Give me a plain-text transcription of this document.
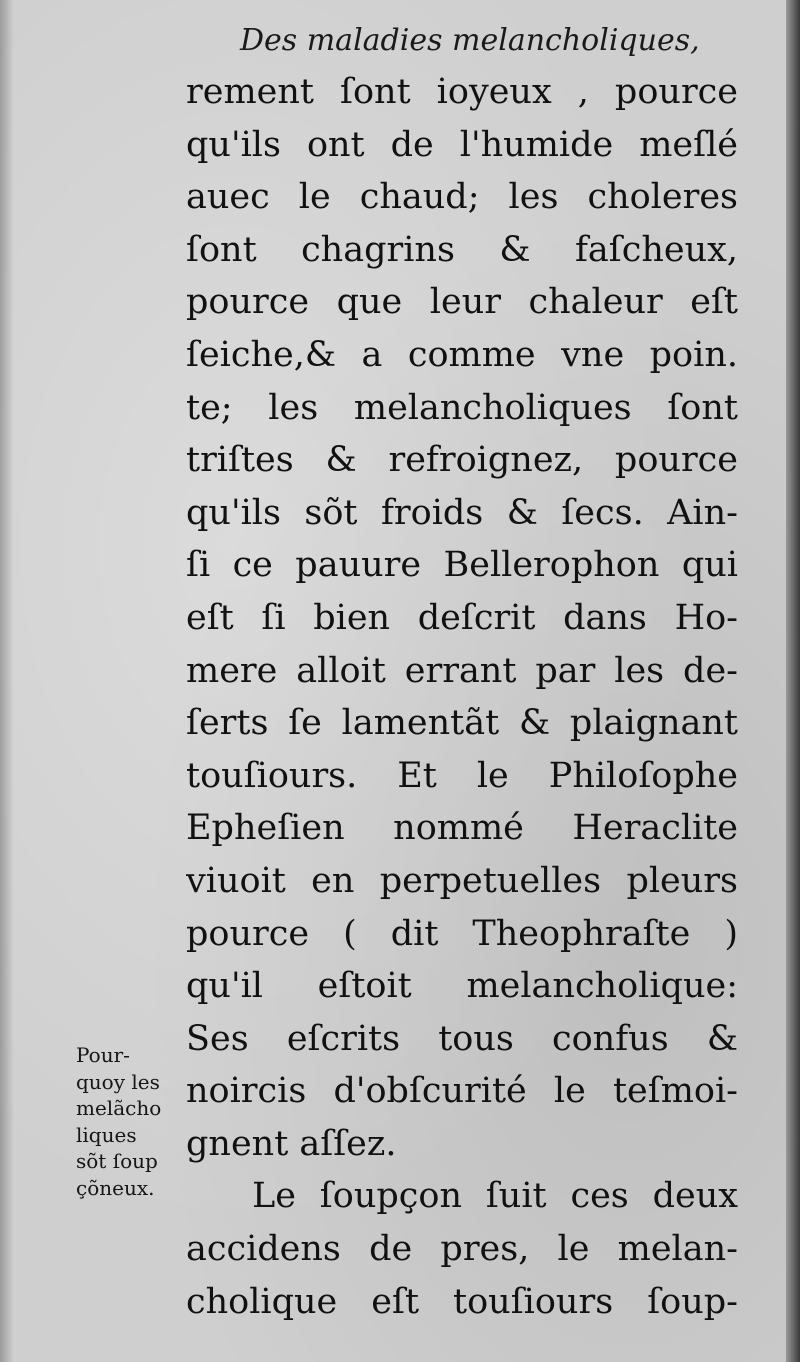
Des maladies melancholiques,
rement ſont ioyeux , pource
qu'ils ont de l'humide meſlé
auec le chaud; les choleres
ſont chagrins & faſcheux,
pource que leur chaleur eſt
ſeiche,& a comme vne poin.
te; les melancholiques ſont
triſtes & refroignez, pource
qu'ils sõt froids & ſecs. Ain-
ſi ce pauure Bellerophon qui
eſt ſi bien deſcrit dans Ho-
mere alloit errant par les de-
ſerts ſe lamentãt & plaignant
touſiours. Et le Philoſophe
Epheſien nommé Heraclite
viuoit en perpetuelles pleurs
pource ( dit Theophraſte )
qu'il eſtoit melancholique:
Ses eſcrits tous confus &
noircis d'obſcurité le teſmoi-
gnent aſſez.
Le ſoupçon ſuit ces deux
accidens de pres, le melan-
cholique eſt touſiours ſoup-
Pour-
quoy les
melãcho
liques
sõt ſoup
çõneux.
